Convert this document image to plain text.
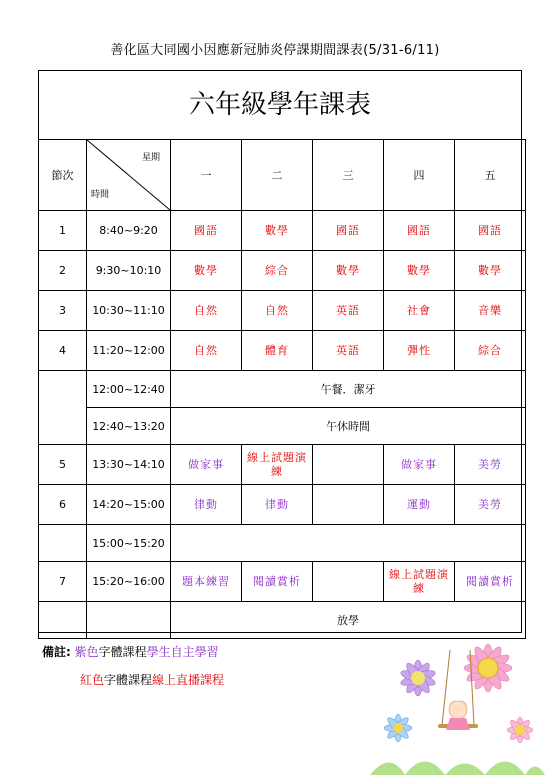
善化區大同國小因應新冠肺炎停課期間課表(5/31-6/11)
六年級學年課表
節次	星期
時間	一	二	三	四	五
1	8:40~9:20	國語	數學	國語	國語	國語
2	9:30~10:10	數學	綜合	數學	數學	數學
3	10:30~11:10	自然	自然	英語	社會	音樂
4	11:20~12:00	自然	體育	英語	彈性	綜合
	12:00~12:40	午餐．潔牙				
	12:40~13:20	午休時間				
5	13:30~14:10	做家事	線上試題演練		做家事	美勞
6	14:20~15:00	律動	律動		運動	美勞
	15:00~15:20					
7	15:20~16:00	題本練習	閱讀賞析		線上試題演練	閱讀賞析
		放學				
備註: 紫色字體課程學生自主學習
紅色字體課程線上直播課程
